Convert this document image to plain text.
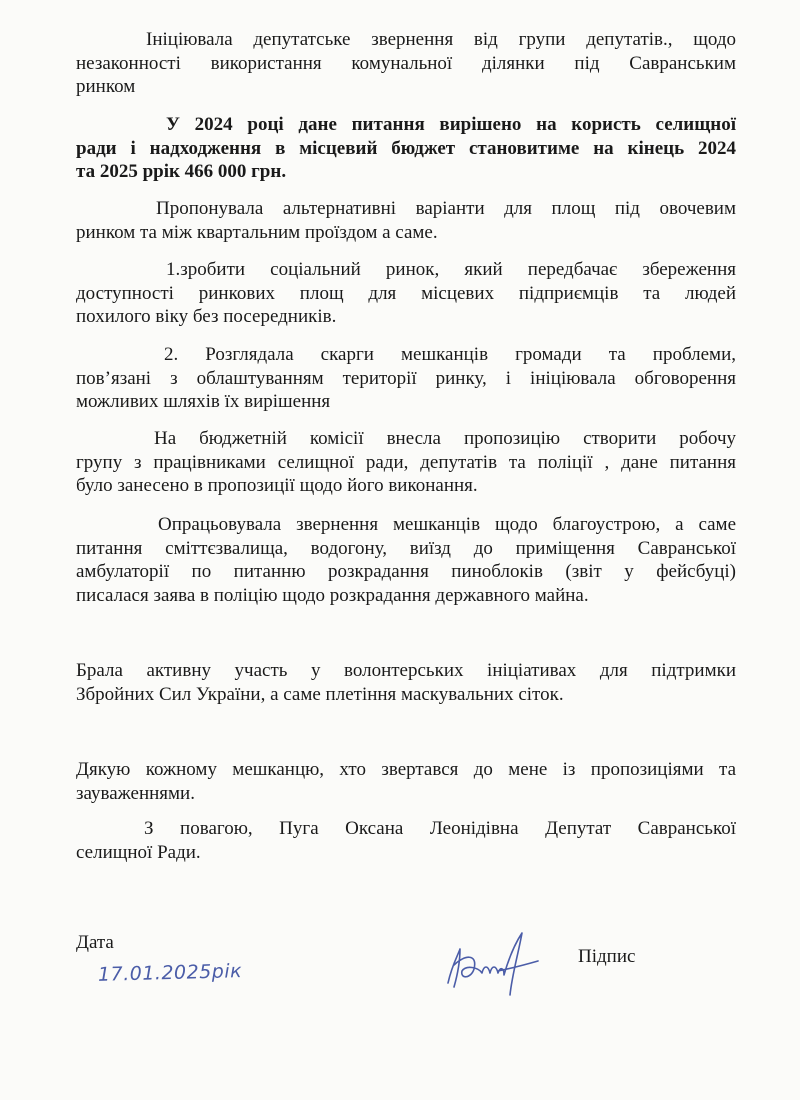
Ініціювала депутатське звернення від групи депутатів., щодо
незаконності використання комунальної ділянки під Савранським
ринком

У 2024 році дане питання вирішено на користь селищної
ради і надходження в місцевий бюджет становитиме на кінець 2024
та 2025 ррік 466 000 грн.

Пропонувала альтернативні варіанти для площ під овочевим
ринком та між квартальним проїздом а саме.

1.зробити соціальний ринок, який передбачає збереження
доступності ринкових площ для місцевих підприємців та людей
похилого віку без посередників.

2. Розглядала скарги мешканців громади та проблеми,
пов’язані з облаштуванням території ринку, і ініціювала обговорення
можливих шляхів їх вирішення

На бюджетній комісії внесла пропозицію створити робочу
групу з працівниками селищної ради, депутатів та поліції , дане питання
було занесено в пропозиції щодо його виконання.

Опрацьовувала звернення мешканців щодо благоустрою, а саме
питання сміттєзвалища, водогону, виїзд до приміщення Савранської
амбулаторії по питанню розкрадання пиноблоків (звіт у фейсбуці)
писалася заява в поліцію щодо розкрадання державного майна.

Брала активну участь у волонтерських ініціативах для підтримки
Збройних Сил України, а саме плетіння маскувальних сіток.

Дякую кожному мешканцю, хто звертався до мене із пропозиціями та
зауваженнями.

З повагою, Пуга Оксана Леонідівна Депутат Савранської
селищної Ради.

Дата
17.01.2025рік
Підпис
